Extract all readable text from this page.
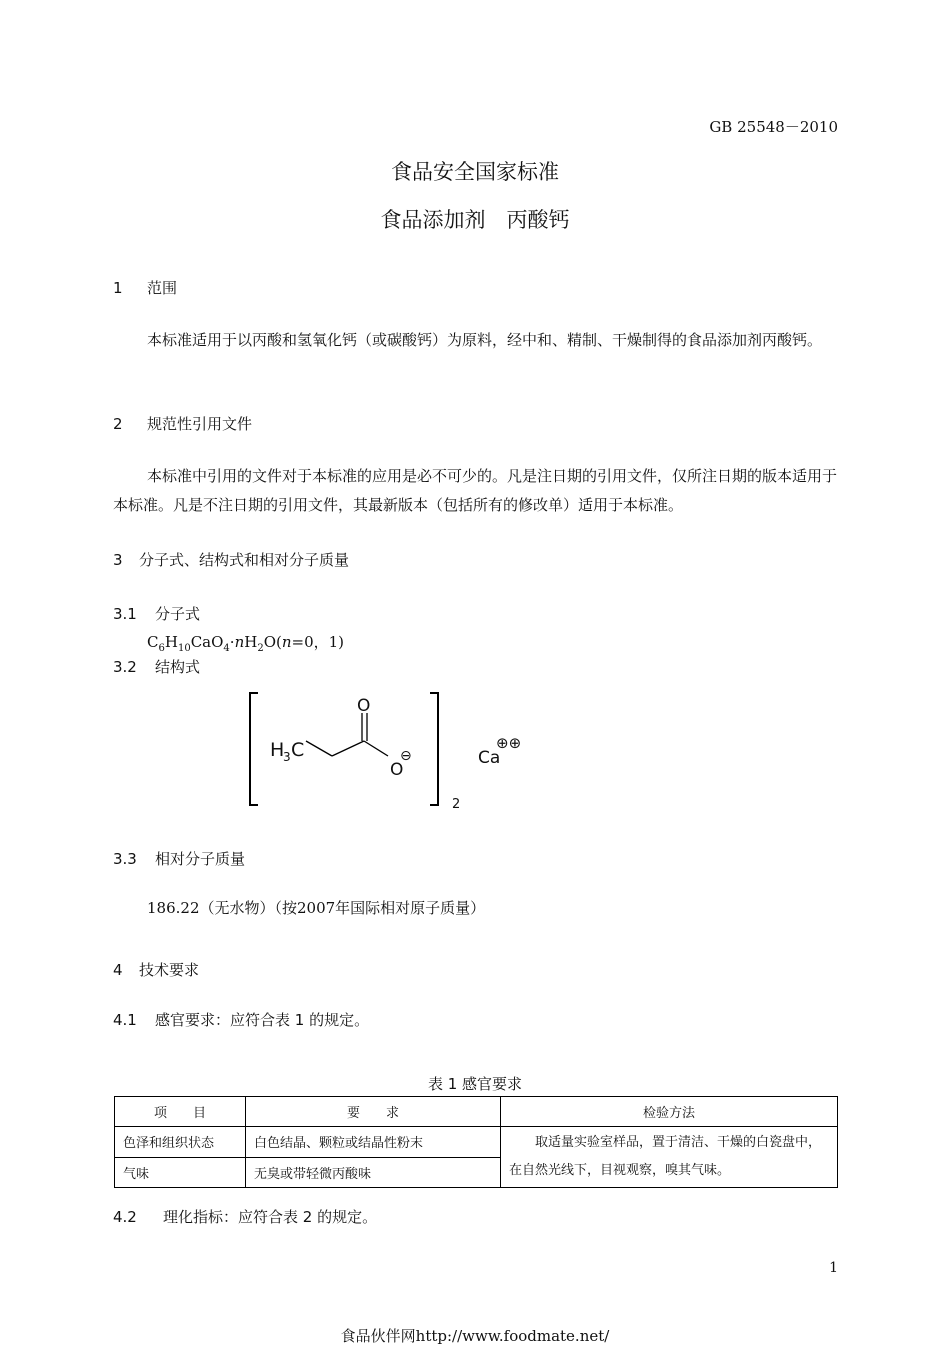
GB 25548－2010
食品安全国家标准
食品添加剂　丙酸钙
1 范围
本标准适用于以丙酸和氢氧化钙（或碳酸钙）为原料，经中和、精制、干燥制得的食品添加剂丙酸钙。
2 规范性引用文件
本标准中引用的文件对于本标准的应用是必不可少的。凡是注日期的引用文件，仅所注日期的版本适用于本标准。凡是不注日期的引用文件，其最新版本（包括所有的修改单）适用于本标准。
3 分子式、结构式和相对分子质量
3.1 分子式
$C_6H_{10}CaO_4\cdot nH_2O(n=0$，1)
3.2 结构式
H
3 C
O
O
⊖
2
Ca
⊕⊕
3.3 相对分子质量
186.22（无水物）（按2007年国际相对原子质量）
4 技术要求
4.1 感官要求：应符合表 1 的规定。
表 1 感官要求
项　　目	要　　求	检验方法
色泽和组织状态	白色结晶、颗粒或结晶性粉末	取适量实验室样品，置于清洁、干燥的白瓷盘中，在自然光线下，目视观察，嗅其气味。
气味	无臭或带轻微丙酸味	
4.2 理化指标：应符合表 2 的规定。
1
食品伙伴网http://www.foodmate.net/
